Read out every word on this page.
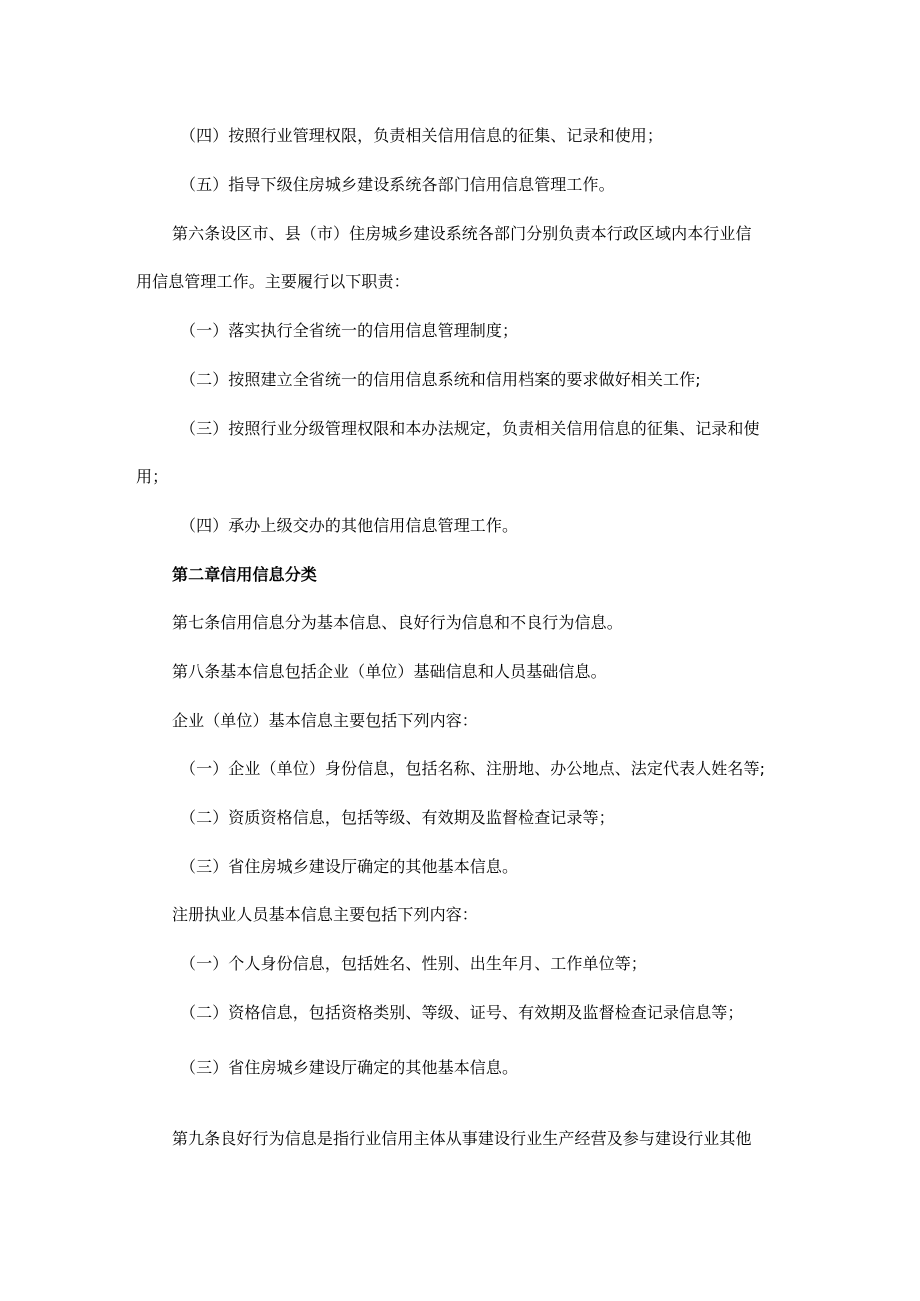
（四）按照行业管理权限，负责相关信用信息的征集、记录和使用；

（五）指导下级住房城乡建设系统各部门信用信息管理工作。

第六条设区市、县（市）住房城乡建设系统各部门分别负责本行政区域内本行业信

用信息管理工作。主要履行以下职责：

（一）落实执行全省统一的信用信息管理制度；

（二）按照建立全省统一的信用信息系统和信用档案的要求做好相关工作;

（三）按照行业分级管理权限和本办法规定，负责相关信用信息的征集、记录和使

用；

（四）承办上级交办的其他信用信息管理工作。

第二章信用信息分类

第七条信用信息分为基本信息、良好行为信息和不良行为信息。

第八条基本信息包括企业（单位）基础信息和人员基础信息。

企业（单位）基本信息主要包括下列内容：

（一）企业（单位）身份信息，包括名称、注册地、办公地点、法定代表人姓名等;

（二）资质资格信息，包括等级、有效期及监督检查记录等；

（三）省住房城乡建设厅确定的其他基本信息。

注册执业人员基本信息主要包括下列内容：

（一）个人身份信息，包括姓名、性别、出生年月、工作单位等；

（二）资格信息，包括资格类别、等级、证号、有效期及监督检查记录信息等；

（三）省住房城乡建设厅确定的其他基本信息。

第九条良好行为信息是指行业信用主体从事建设行业生产经营及参与建设行业其他
